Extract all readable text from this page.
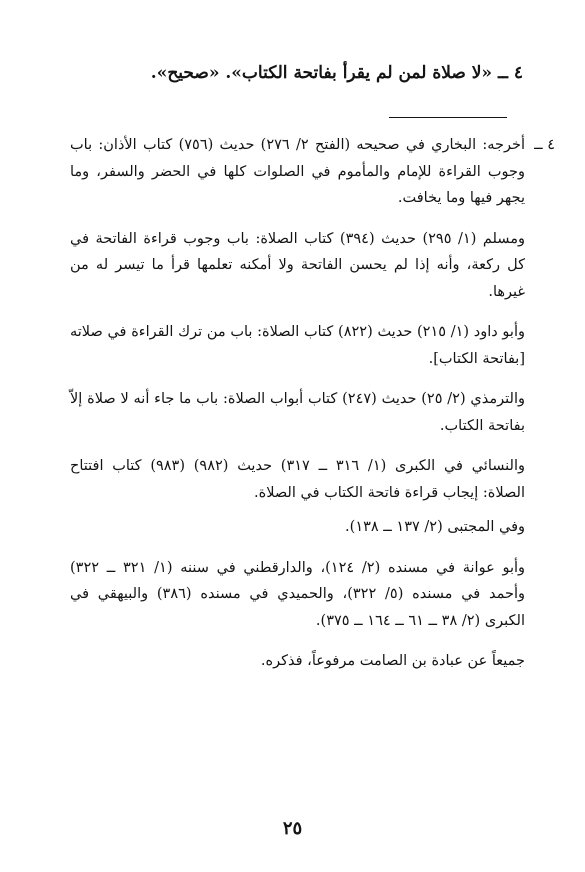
٤ ــ «لا صلاة لمن لم يقرأ بفاتحة الكتاب». «صحيح».

٤ ــ
أخرجه: البخاري في صحيحه (الفتح ٢/ ٢٧٦) حديث (٧٥٦) كتاب الأذان: باب وجوب القراءة للإمام والمأموم في الصلوات كلها في الحضر والسفر، وما يجهر فيها وما يخافت.

ومسلم (١/ ٢٩٥) حديث (٣٩٤) كتاب الصلاة: باب وجوب قراءة الفاتحة في كل ركعة، وأنه إذا لم يحسن الفاتحة ولا أمكنه تعلمها قرأ ما تيسر له من غيرها.

وأبو داود (١/ ٢١٥) حديث (٨٢٢) كتاب الصلاة: باب من ترك القراءة في صلاته [بفاتحة الكتاب].

والترمذي (٢/ ٢٥) حديث (٢٤٧) كتاب أبواب الصلاة: باب ما جاء أنه لا صلاة إلاّ بفاتحة الكتاب.

والنسائي في الكبرى (١/ ٣١٦ ــ ٣١٧) حديث (٩٨٢) (٩٨٣) كتاب افتتاح الصلاة: إيجاب قراءة فاتحة الكتاب في الصلاة.

وفي المجتبى (٢/ ١٣٧ ــ ١٣٨).

وأبو عوانة في مسنده (٢/ ١٢٤)، والدارقطني في سننه (١/ ٣٢١ ــ ٣٢٢) وأحمد في مسنده (٥/ ٣٢٢)، والحميدي في مسنده (٣٨٦) والبيهقي في الكبرى (٢/ ٣٨ ــ ٦١ ــ ١٦٤ ــ ٣٧٥).

جميعاً عن عبادة بن الصامت مرفوعاً، فذكره.

٢٥
